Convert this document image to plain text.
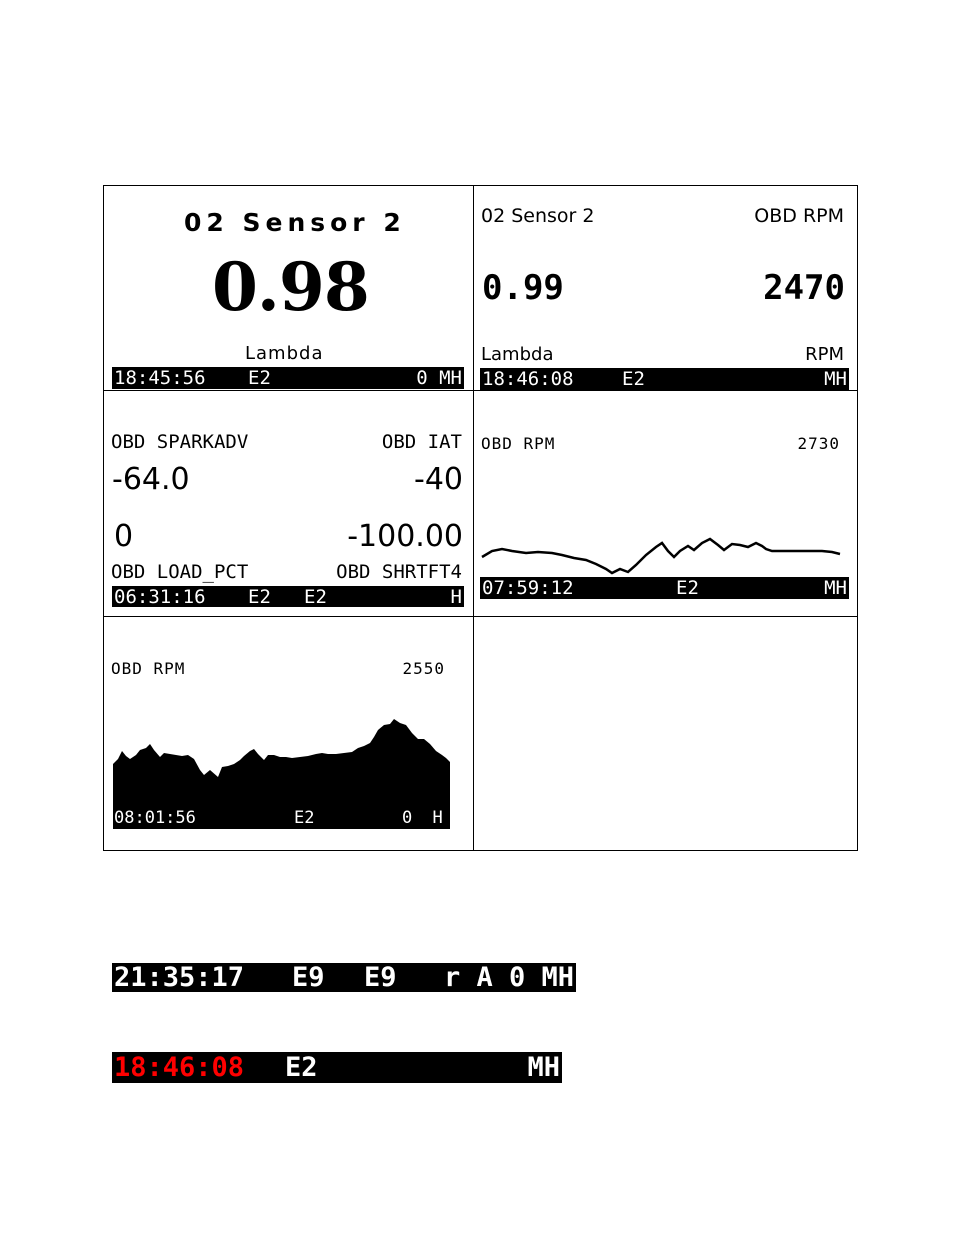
02 Sensor 2
0.98
Lambda
18:45:56 E2	0 MH
02 Sensor 2	OBD RPM
0.99	2470
Lambda	RPM
18:46:08	E2	MH
OBD SPARKADV	OBD IAT
-64.0	-40
0	-100.00
OBD LOAD_PCT	OBD SHRTFT4
06:31:16 E2 E2	H
OBD RPM	2730
07:59:12	E2	MH
OBD RPM	2550
08:01:56	E2	0 H
21:35:17 E9 E9 r A 0 MH
18:46:08 E2	MH
